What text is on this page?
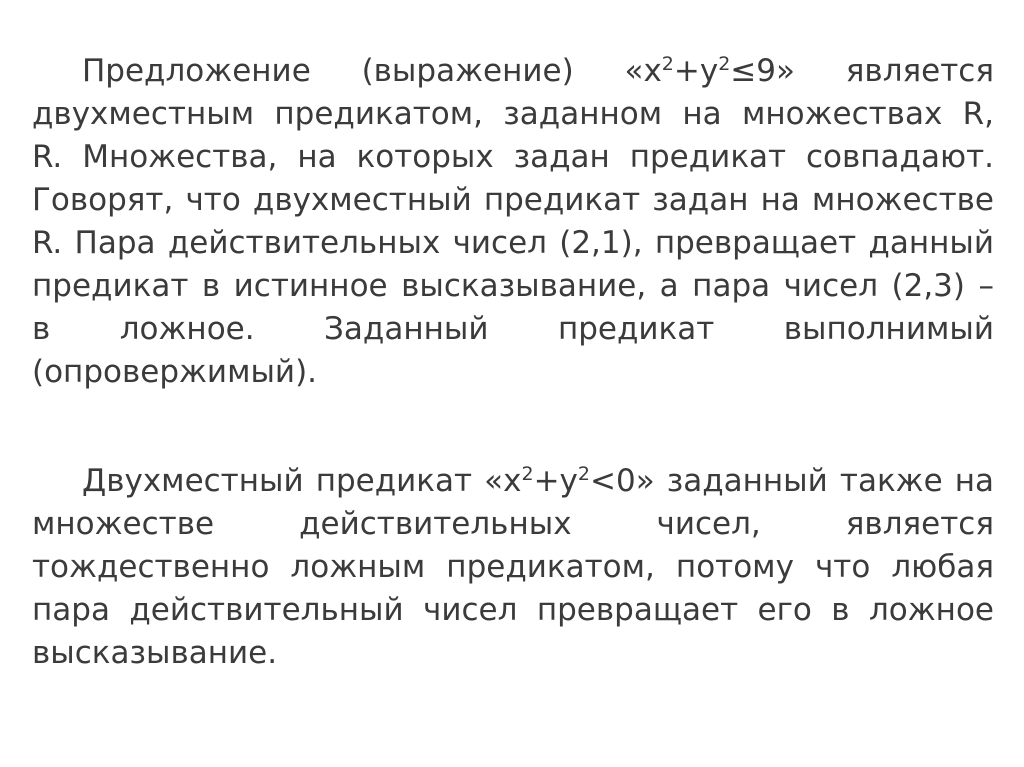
Предложение (выражение) «$x^2+y^2\le 9$» является
двухместным предикатом, заданном на множествах R,
R. Множества, на которых задан предикат совпадают.
Говорят, что двухместный предикат задан на множестве
R. Пара действительных чисел (2,1), превращает данный
предикат в истинное высказывание, а пара чисел (2,3) –
в ложное. Заданный предикат выполнимый
(опровержимый).
Двухместный предикат «$x^2+y^2<0$» заданный также на
множестве действительных чисел, является
тождественно ложным предикатом, потому что любая
пара действительный чисел превращает его в ложное
высказывание.
